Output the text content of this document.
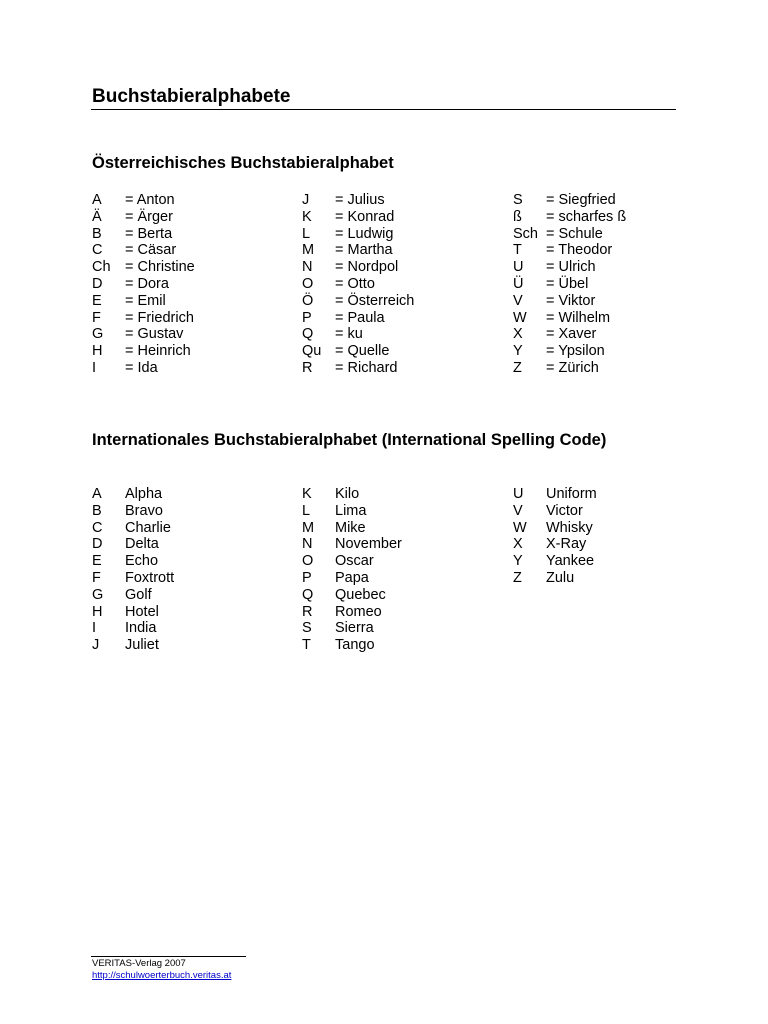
Buchstabieralphabete
Österreichisches Buchstabieralphabet
A = Anton
Ä = Ärger
B = Berta
C = Cäsar
Ch = Christine
D = Dora
E = Emil
F = Friedrich
G = Gustav
H = Heinrich
I = Ida
J = Julius
K = Konrad
L = Ludwig
M = Martha
N = Nordpol
O = Otto
Ö = Österreich
P = Paula
Q = ku
Qu = Quelle
R = Richard
S = Siegfried
ß = scharfes ß
Sch = Schule
T = Theodor
U = Ulrich
Ü = Übel
V = Viktor
W = Wilhelm
X = Xaver
Y = Ypsilon
Z = Zürich
Internationales Buchstabieralphabet (International Spelling Code)
A Alpha
B Bravo
C Charlie
D Delta
E Echo
F Foxtrott
G Golf
H Hotel
I India
J Juliet
K Kilo
L Lima
M Mike
N November
O Oscar
P Papa
Q Quebec
R Romeo
S Sierra
T Tango
U Uniform
V Victor
W Whisky
X X-Ray
Y Yankee
Z Zulu
VERITAS-Verlag 2007
http://schulwoerterbuch.veritas.at
